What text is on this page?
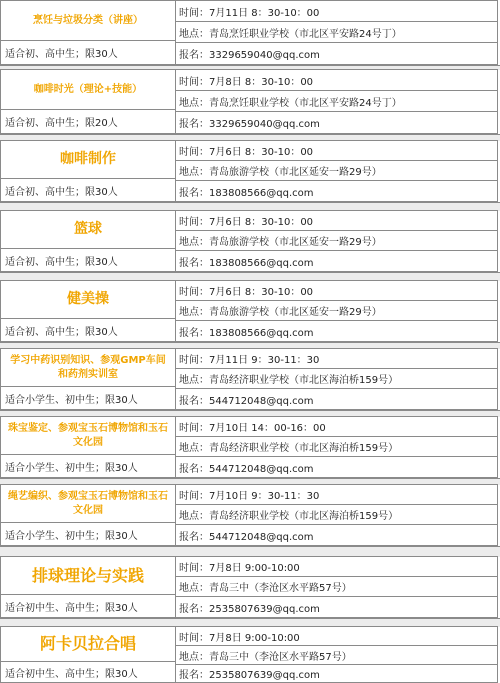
烹饪与垃圾分类（讲座）
适合初、高中生；限30人
时间：7月11日 8：30-10：00
地点：青岛烹饪职业学校（市北区平安路24号丁）
报名：3329659040@qq.com
咖啡时光（理论+技能）
适合初、高中生；限20人
时间：7月8日 8：30-10：00
地点：青岛烹饪职业学校（市北区平安路24号丁）
报名：3329659040@qq.com
咖啡制作
适合初、高中生；限30人
时间：7月6日 8：30-10：00
地点：青岛旅游学校（市北区延安一路29号）
报名：183808566@qq.com
篮球
适合初、高中生；限30人
时间：7月6日 8：30-10：00
地点：青岛旅游学校（市北区延安一路29号）
报名：183808566@qq.com
健美操
适合初、高中生；限30人
时间：7月6日 8：30-10：00
地点：青岛旅游学校（市北区延安一路29号）
报名：183808566@qq.com
学习中药识别知识、参观GMP车间和药剂实训室
适合小学生、初中生；限30人
时间：7月11日 9：30-11：30
地点：青岛经济职业学校（市北区海泊桥159号）
报名：544712048@qq.com
珠宝鉴定、参观宝玉石博物馆和玉石文化园
适合小学生、初中生；限30人
时间：7月10日 14：00-16：00
地点：青岛经济职业学校（市北区海泊桥159号）
报名：544712048@qq.com
绳艺编织、参观宝玉石博物馆和玉石文化园
适合小学生、初中生；限30人
时间：7月10日 9：30-11：30
地点：青岛经济职业学校（市北区海泊桥159号）
报名：544712048@qq.com
排球理论与实践
适合初中生、高中生；限30人
时间：7月8日 9:00-10:00
地点：青岛三中（李沧区水平路57号）
报名：2535807639@qq.com
阿卡贝拉合唱
适合初中生、高中生；限30人
时间：7月8日 9:00-10:00
地点：青岛三中（李沧区水平路57号）
报名：2535807639@qq.com
